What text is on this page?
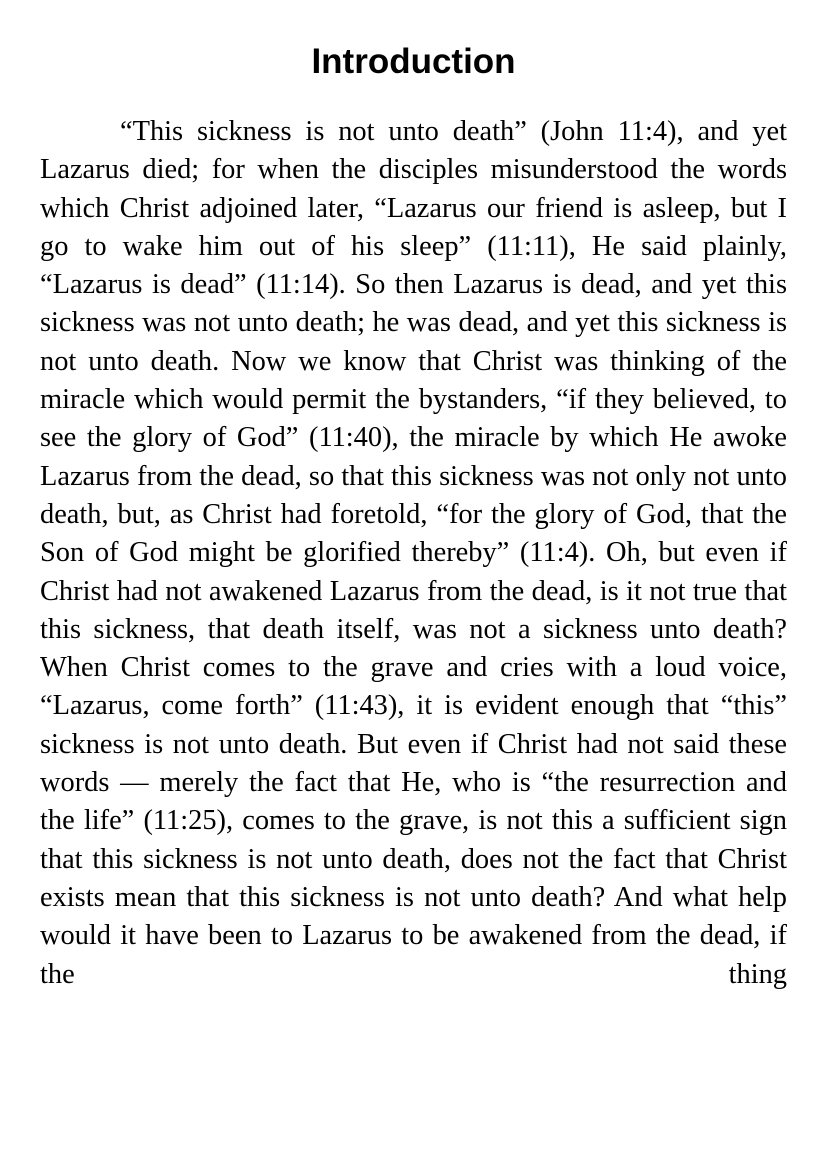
Introduction

“This sickness is not unto death” (John 11:4), and yet Lazarus died; for when the disciples misunderstood the words which Christ adjoined later, “Lazarus our friend is asleep, but I go to wake him out of his sleep” (11:11), He said plainly, “Lazarus is dead” (11:14). So then Lazarus is dead, and yet this sickness was not unto death; he was dead, and yet this sickness is not unto death. Now we know that Christ was thinking of the miracle which would permit the bystanders, “if they believed, to see the glory of God” (11:40), the miracle by which He awoke Lazarus from the dead, so that this sickness was not only not unto death, but, as Christ had foretold, “for the glory of God, that the Son of God might be glorified thereby” (11:4). Oh, but even if Christ had not awakened Lazarus from the dead, is it not true that this sickness, that death itself, was not a sickness unto death? When Christ comes to the grave and cries with a loud voice, “Lazarus, come forth” (11:43), it is evident enough that “this” sickness is not unto death. But even if Christ had not said these words — merely the fact that He, who is “the resurrection and the life” (11:25), comes to the grave, is not this a sufficient sign that this sickness is not unto death, does not the fact that Christ exists mean that this sickness is not unto death? And what help would it have been to Lazarus to be awakened from the dead, if the thing
